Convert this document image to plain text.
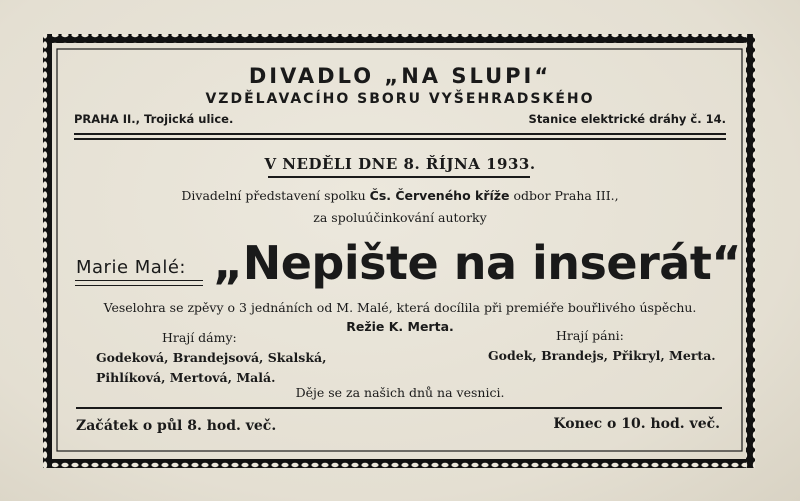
DIVADLO „NA SLUPI“
VZDĚLAVACÍHO SBORU VYŠEHRADSKÉHO
PRAHA II., Trojická ulice.	Stanice elektrické dráhy č. 14.
V NEDĚLI DNE 8. ŘÍJNA 1933.
Divadelní představení spolku Čs. Červeného kříže odbor Praha III.,
za spoluúčinkování autorky
Marie Malé: „Nepište na inserát“
Veselohra se zpěvy o 3 jednáních od M. Malé, která docílila při premiéře bouřlivého úspěchu.
Režie K. Merta.
Hrají dámy:	Hrají páni:
Godeková, Brandejsová, Skalská,
Pihlíková, Mertová, Malá.
Godek, Brandejs, Přikryl, Merta.
Děje se za našich dnů na vesnici.
Začátek o půl 8. hod. več.	Konec o 10. hod. več.
